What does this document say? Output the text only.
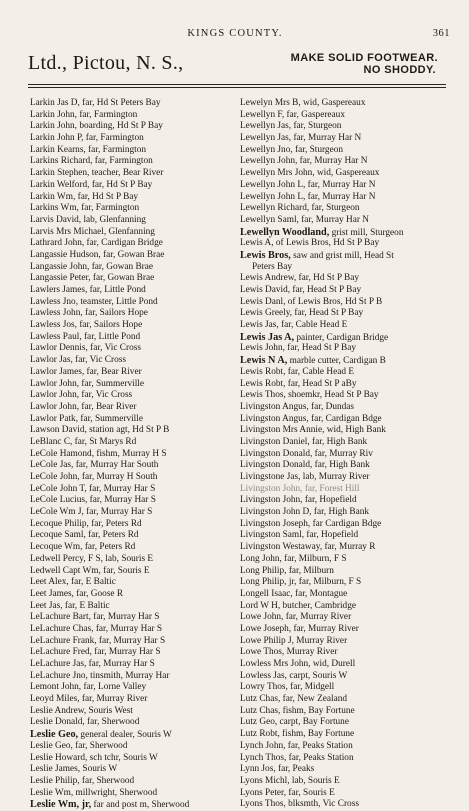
KINGS COUNTY.	361
Ltd., Pictou, N. S.,	MAKE SOLID FOOTWEAR.
NO SHODDY.
Larkin Jas D, far, Hd St Peters Bay
Larkin John, far, Farmington
Larkin John, boarding, Hd St P Bay
Larkin John P, far, Farmington
Larkin Kearns, far, Farmington
Larkins Richard, far, Farmington
Larkin Stephen, teacher, Bear River
Larkin Welford, far, Hd St P Bay
Larkin Wm, far, Hd St P Bay
Larkins Wm, far, Farmington
Larvis David, lab, Glenfanning
Larvis Mrs Michael, Glenfanning
Lathrard John, far, Cardigan Bridge
Langassie Hudson, far, Gowan Brae
Langassie John, far, Gowan Brae
Langassie Peter, far, Gowan Brae
Lawlers James, far, Little Pond
Lawless Jno, teamster, Little Pond
Lawless John, far, Sailors Hope
Lawless Jos, far, Sailors Hope
Lawless Paul, far, Little Pond
Lawlor Dennis, far, Vic Cross
Lawlor Jas, far, Vic Cross
Lawlor James, far, Bear River
Lawlor John, far, Summerville
Lawlor John, far, Vic Cross
Lawlor John, far, Bear River
Lawlor Patk, far, Summerville
Lawson David, station agt, Hd St P B
LeBlanc C, far, St Marys Rd
LeCole Hamond, fishm, Murray H S
LeCole Jas, far, Murray Har South
LeCole John, far, Murray H South
LeCole John T, far, Murray Har S
LeCole Lucius, far, Murray Har S
LeCole Wm J, far, Murray Har S
Lecoque Philip, far, Peters Rd
Lecoque Saml, far, Peters Rd
Lecoque Wm, far, Peters Rd
Ledwell Percy, F S, lab, Souris E
Ledwell Capt Wm, far, Souris E
Leet Alex, far, E Baltic
Leet James, far, Goose R
Leet Jas, far, E Baltic
LeLachure Bart, far, Murray Har S
LeLachure Chas, far, Murray Har S
LeLachure Frank, far, Murray Har S
LeLachure Fred, far, Murray Har S
LeLachure Jas, far, Murray Har S
LeLachure Jno, tinsmith, Murray Har
Lemont John, far, Lorne Valley
Leoyd Miles, far, Murray River
Leslie Andrew, Souris West
Leslie Donald, far, Sherwood
Leslie Geo, general dealer, Souris W
Leslie Geo, far, Sherwood
Leslie Howard, sch tchr, Souris W
Leslie James, Souris W
Leslie Philip, far, Sherwood
Leslie Wm, millwright, Sherwood
Leslie Wm, jr, far and post m, Sherwood
Lewelyn Mrs B, wid, Gaspereaux
Lewellyn F, far, Gaspereaux
Lewellyn Jas, far, Sturgeon
Lewellyn Jas, far, Murray Har N
Lewellyn Jno, far, Sturgeon
Lewellyn John, far, Murray Har N
Lewellyn Mrs John, wid, Gaspereaux
Lewellyn John L, far, Murray Har N
Lewellyn John L, far, Murray Har N
Lewellyn Richard, far, Sturgeon
Lewellyn Saml, far, Murray Har N
Lewellyn Woodland, grist mill, Sturgeon
Lewis A, of Lewis Bros, Hd St P Bay
Lewis Bros, saw and grist mill, Head St
Peters Bay
Lewis Andrew, far, Hd St P Bay
Lewis David, far, Head St P Bay
Lewis Danl, of Lewis Bros, Hd St P B
Lewis Greely, far, Head St P Bay
Lewis Jas, far, Cable Head E
Lewis Jas A, painter, Cardigan Bridge
Lewis John, far, Head St P Bay
Lewis N A, marble cutter, Cardigan B
Lewis Robt, far, Cable Head E
Lewis Robt, far, Head St P aBy
Lewis Thos, shoemkr, Head St P Bay
Livingston Angus, far, Dundas
Livingston Angus, far, Cardigan Bdge
Livingston Mrs Annie, wid, High Bank
Livingston Daniel, far, High Bank
Livingston Donald, far, Murray Riv
Livingston Donald, far, High Bank
Livingstone Jas, lab, Murray River
Livingston John, far, Forest Hill
Livingston John, far, Hopefield
Livingston John D, far, High Bank
Livingston Joseph, far Cardigan Bdge
Livingston Saml, far, Hopefield
Livingston Westaway, far, Murray R
Long John, far, Milburn, F S
Long Philip, far, Milburn
Long Philip, jr, far, Milburn, F S
Longell Isaac, far, Montague
Lord W H, butcher, Cambridge
Lowe John, far, Murray River
Lowe Joseph, far, Murray River
Lowe Philip J, Murray River
Lowe Thos, Murray River
Lowless Mrs John, wid, Durell
Lowless Jas, carpt, Souris W
Lowry Thos, far, Midgell
Lutz Chas, far, New Zealand
Lutz Chas, fishm, Bay Fortune
Lutz Geo, carpt, Bay Fortune
Lutz Robt, fishm, Bay Fortune
Lynch John, far, Peaks Station
Lynch Thos, far, Peaks Station
Lynn Jos, far, Peaks
Lyons Michl, lab, Souris E
Lyons Peter, far, Souris E
Lyons Thos, blksmth, Vic Cross
